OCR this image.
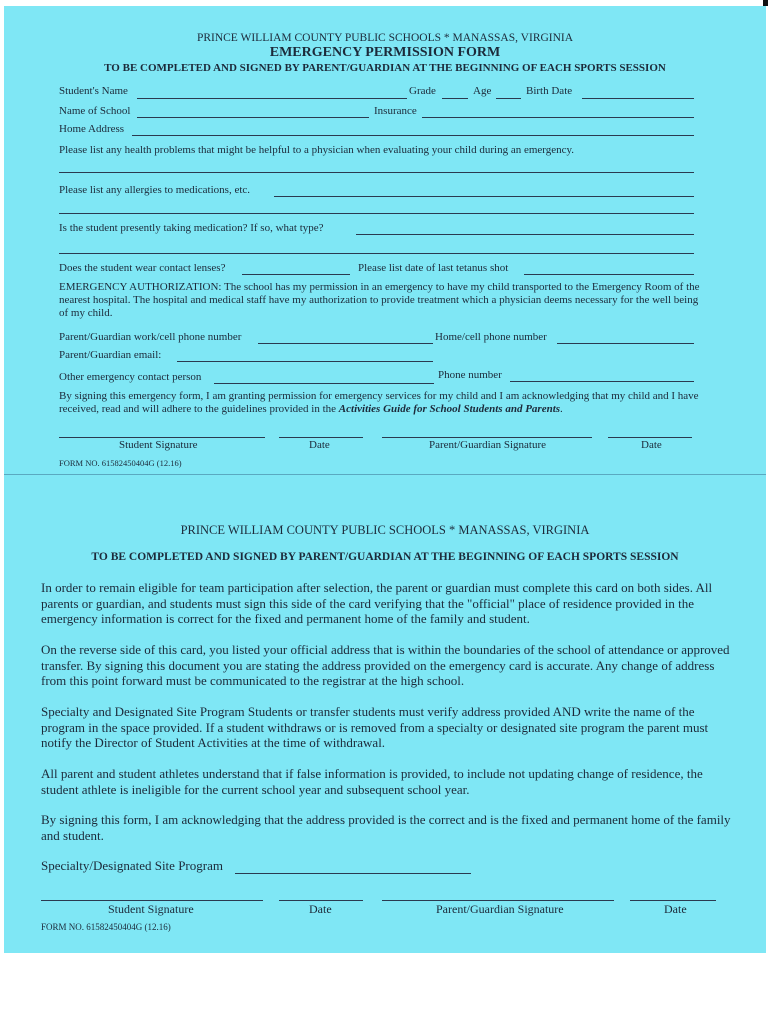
PRINCE WILLIAM COUNTY PUBLIC SCHOOLS * MANASSAS, VIRGINIA
EMERGENCY PERMISSION FORM
TO BE COMPLETED AND SIGNED BY PARENT/GUARDIAN AT THE BEGINNING OF EACH SPORTS SESSION
Student's Name	Grade	Age	Birth Date
Name of School	Insurance
Home Address
Please list any health problems that might be helpful to a physician when evaluating your child during an emergency.
Please list any allergies to medications, etc.
Is the student presently taking medication? If so, what type?
Does the student wear contact lenses?	Please list date of last tetanus shot
EMERGENCY AUTHORIZATION: The school has my permission in an emergency to have my child transported to the Emergency Room of the nearest hospital. The hospital and medical staff have my authorization to provide treatment which a physician deems necessary for the well being of my child.
Parent/Guardian work/cell phone number	Home/cell phone number
Parent/Guardian email:
Other emergency contact person	Phone number
By signing this emergency form, I am granting permission for emergency services for my child and I am acknowledging that my child and I have received, read and will adhere to the guidelines provided in the Activities Guide for School Students and Parents.
Student Signature	Date	Parent/Guardian Signature	Date
FORM NO. 61582450404G (12.16)
PRINCE WILLIAM COUNTY PUBLIC SCHOOLS * MANASSAS, VIRGINIA
TO BE COMPLETED AND SIGNED BY PARENT/GUARDIAN AT THE BEGINNING OF EACH SPORTS SESSION
In order to remain eligible for team participation after selection, the parent or guardian must complete this card on both sides. All parents or guardian, and students must sign this side of the card verifying that the "official" place of residence provided in the emergency information is correct for the fixed and permanent home of the family and student.
On the reverse side of this card, you listed your official address that is within the boundaries of the school of attendance or approved transfer. By signing this document you are stating the address provided on the emergency card is accurate. Any change of address from this point forward must be communicated to the registrar at the high school.
Specialty and Designated Site Program Students or transfer students must verify address provided AND write the name of the program in the space provided. If a student withdraws or is removed from a specialty or designated site program the parent must notify the Director of Student Activities at the time of withdrawal.
All parent and student athletes understand that if false information is provided, to include not updating change of residence, the student athlete is ineligible for the current school year and subsequent school year.
By signing this form, I am acknowledging that the address provided is the correct and is the fixed and permanent home of the family and student.
Specialty/Designated Site Program
Student Signature	Date	Parent/Guardian Signature	Date
FORM NO. 61582450404G (12.16)
